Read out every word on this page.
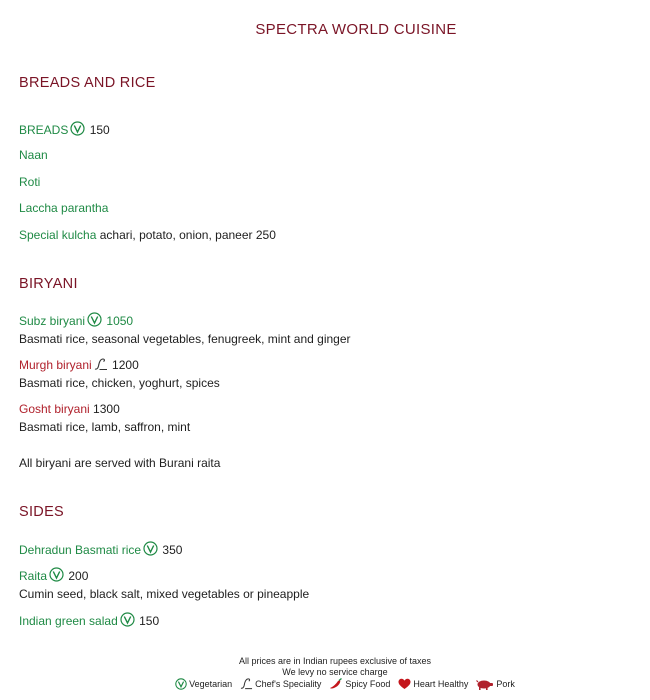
SPECTRA WORLD CUISINE
BREADS AND RICE
BREADS 150
Naan
Roti
Laccha parantha
Special kulcha achari, potato, onion, paneer 250
BIRYANI
Subz biryani 1050
Basmati rice, seasonal vegetables, fenugreek, mint and ginger
Murgh biryani 1200
Basmati rice, chicken, yoghurt, spices
Gosht biryani 1300
Basmati rice, lamb, saffron, mint
All biryani are served with Burani raita
SIDES
Dehradun Basmati rice 350
Raita 200
Cumin seed, black salt, mixed vegetables or pineapple
Indian green salad 150
All prices are in Indian rupees exclusive of taxes
We levy no service charge
Vegetarian	Chef's Speciality	Spicy Food	Heart Healthy	Pork
